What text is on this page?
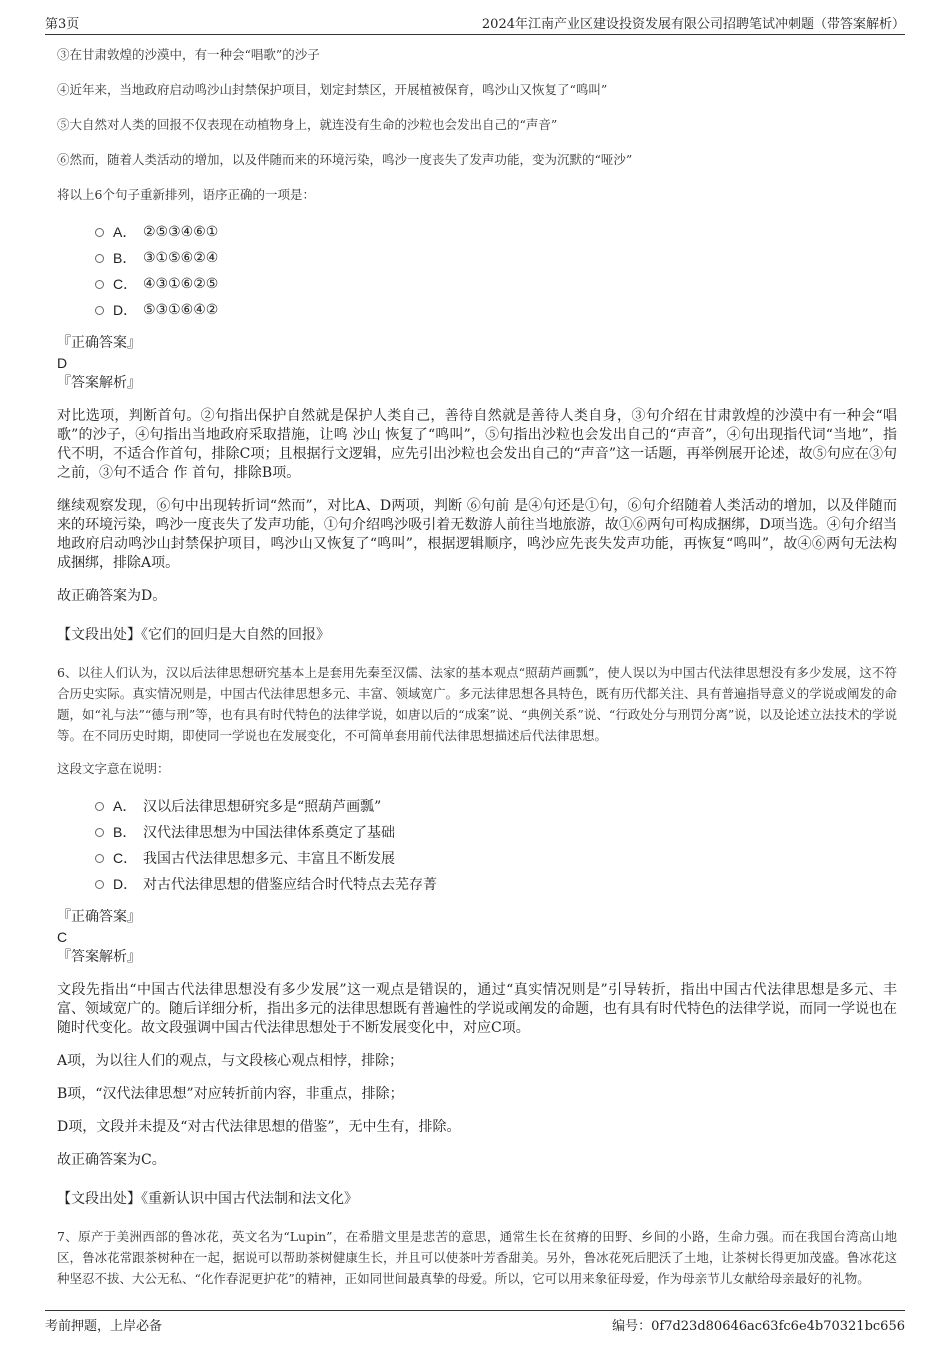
第3页	2024年江南产业区建设投资发展有限公司招聘笔试冲刺题（带答案解析）

③在甘肃敦煌的沙漠中，有一种会“唱歌”的沙子

④近年来，当地政府启动鸣沙山封禁保护项目，划定封禁区，开展植被保育，鸣沙山又恢复了“鸣叫”

⑤大自然对人类的回报不仅表现在动植物身上，就连没有生命的沙粒也会发出自己的“声音”

⑥然而，随着人类活动的增加，以及伴随而来的环境污染，鸣沙一度丧失了发声功能，变为沉默的“哑沙”

将以上6个句子重新排列，语序正确的一项是：

A． ②⑤③④⑥①
B． ③①⑤⑥②④
C． ④③①⑥②⑤
D． ⑤③①⑥④②

『正确答案』

D

『答案解析』

对比选项，判断首句。②句指出保护自然就是保护人类自己，善待自然就是善待人类自身，③句介绍在甘肃敦煌的沙漠中有一种会“唱歌”的沙子，④句指出当地政府采取措施，让鸣 沙山 恢复了“鸣叫”，⑤句指出沙粒也会发出自己的“声音”，④句出现指代词“当地”，指代不明，不适合作首句，排除C项；且根据行文逻辑，应先引出沙粒也会发出自己的“声音”这一话题，再举例展开论述，故⑤句应在③句之前，③句不适合 作 首句，排除B项。

继续观察发现，⑥句中出现转折词“然而”，对比A、D两项，判断 ⑥句前 是④句还是①句，⑥句介绍随着人类活动的增加，以及伴随而来的环境污染，鸣沙一度丧失了发声功能，①句介绍鸣沙吸引着无数游人前往当地旅游，故①⑥两句可构成捆绑，D项当选。④句介绍当地政府启动鸣沙山封禁保护项目，鸣沙山又恢复了“鸣叫”，根据逻辑顺序，鸣沙应先丧失发声功能，再恢复“鸣叫”，故④⑥两句无法构成捆绑，排除A项。

故正确答案为D。

【文段出处】《它们的回归是大自然的回报》

6、以往人们认为，汉以后法律思想研究基本上是套用先秦至汉儒、法家的基本观点“照葫芦画瓢”，使人误以为中国古代法律思想没有多少发展，这不符合历史实际。真实情况则是，中国古代法律思想多元、丰富、领域宽广。多元法律思想各具特色，既有历代都关注、具有普遍指导意义的学说或阐发的命题，如“礼与法”“德与刑”等，也有具有时代特色的法律学说，如唐以后的“成案”说、“典例关系”说、“行政处分与刑罚分离”说，以及论述立法技术的学说等。在不同历史时期，即使同一学说也在发展变化，不可简单套用前代法律思想描述后代法律思想。

这段文字意在说明：

A． 汉以后法律思想研究多是“照葫芦画瓢”
B． 汉代法律思想为中国法律体系奠定了基础
C． 我国古代法律思想多元、丰富且不断发展
D． 对古代法律思想的借鉴应结合时代特点去芜存菁

『正确答案』

C

『答案解析』

文段先指出“中国古代法律思想没有多少发展”这一观点是错误的，通过“真实情况则是”引导转折，指出中国古代法律思想是多元、丰富、领域宽广的。随后详细分析，指出多元的法律思想既有普遍性的学说或阐发的命题，也有具有时代特色的法律学说，而同一学说也在随时代变化。故文段强调中国古代法律思想处于不断发展变化中，对应C项。

A项，为以往人们的观点，与文段核心观点相悖，排除；

B项，“汉代法律思想”对应转折前内容，非重点，排除；

D项，文段并未提及“对古代法律思想的借鉴”，无中生有，排除。

故正确答案为C。

【文段出处】《重新认识中国古代法制和法文化》

7、原产于美洲西部的鲁冰花，英文名为“Lupin”，在希腊文里是悲苦的意思，通常生长在贫瘠的田野、乡间的小路，生命力强。而在我国台湾高山地区，鲁冰花常跟茶树种在一起，据说可以帮助茶树健康生长，并且可以使茶叶芳香甜美。另外，鲁冰花死后肥沃了土地，让茶树长得更加茂盛。鲁冰花这种坚忍不拔、大公无私、“化作春泥更护花”的精神，正如同世间最真挚的母爱。所以，它可以用来象征母爱，作为母亲节儿女献给母亲最好的礼物。

考前押题，上岸必备	编号：0f7d23d80646ac63fc6e4b70321bc656
